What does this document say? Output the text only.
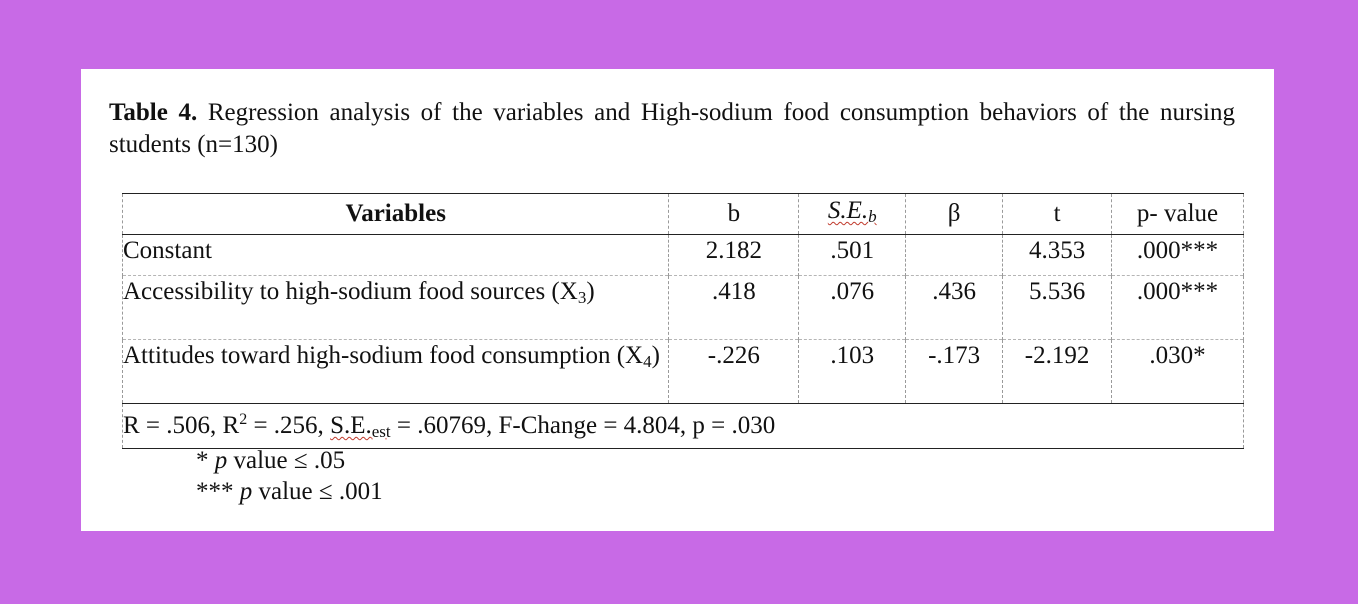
Table 4. Regression analysis of the variables and High-sodium food consumption behaviors of the nursing students (n=130)
Variables	b	$S.E._b$	β	t	p- value
Constant	2.182	.501		4.353	.000***
Accessibility to high-sodium food sources $(X_3)$	.418	.076	.436	5.536	.000***
Attitudes toward high-sodium food consumption $(X_4)$	-.226	.103	-.173	-2.192	.030*
R = .506, $R^2 = .256$, $S.E._{est} = .60769$, F-Change = 4.804, p = .030					
* p value ≤ .05
*** p value ≤ .001
